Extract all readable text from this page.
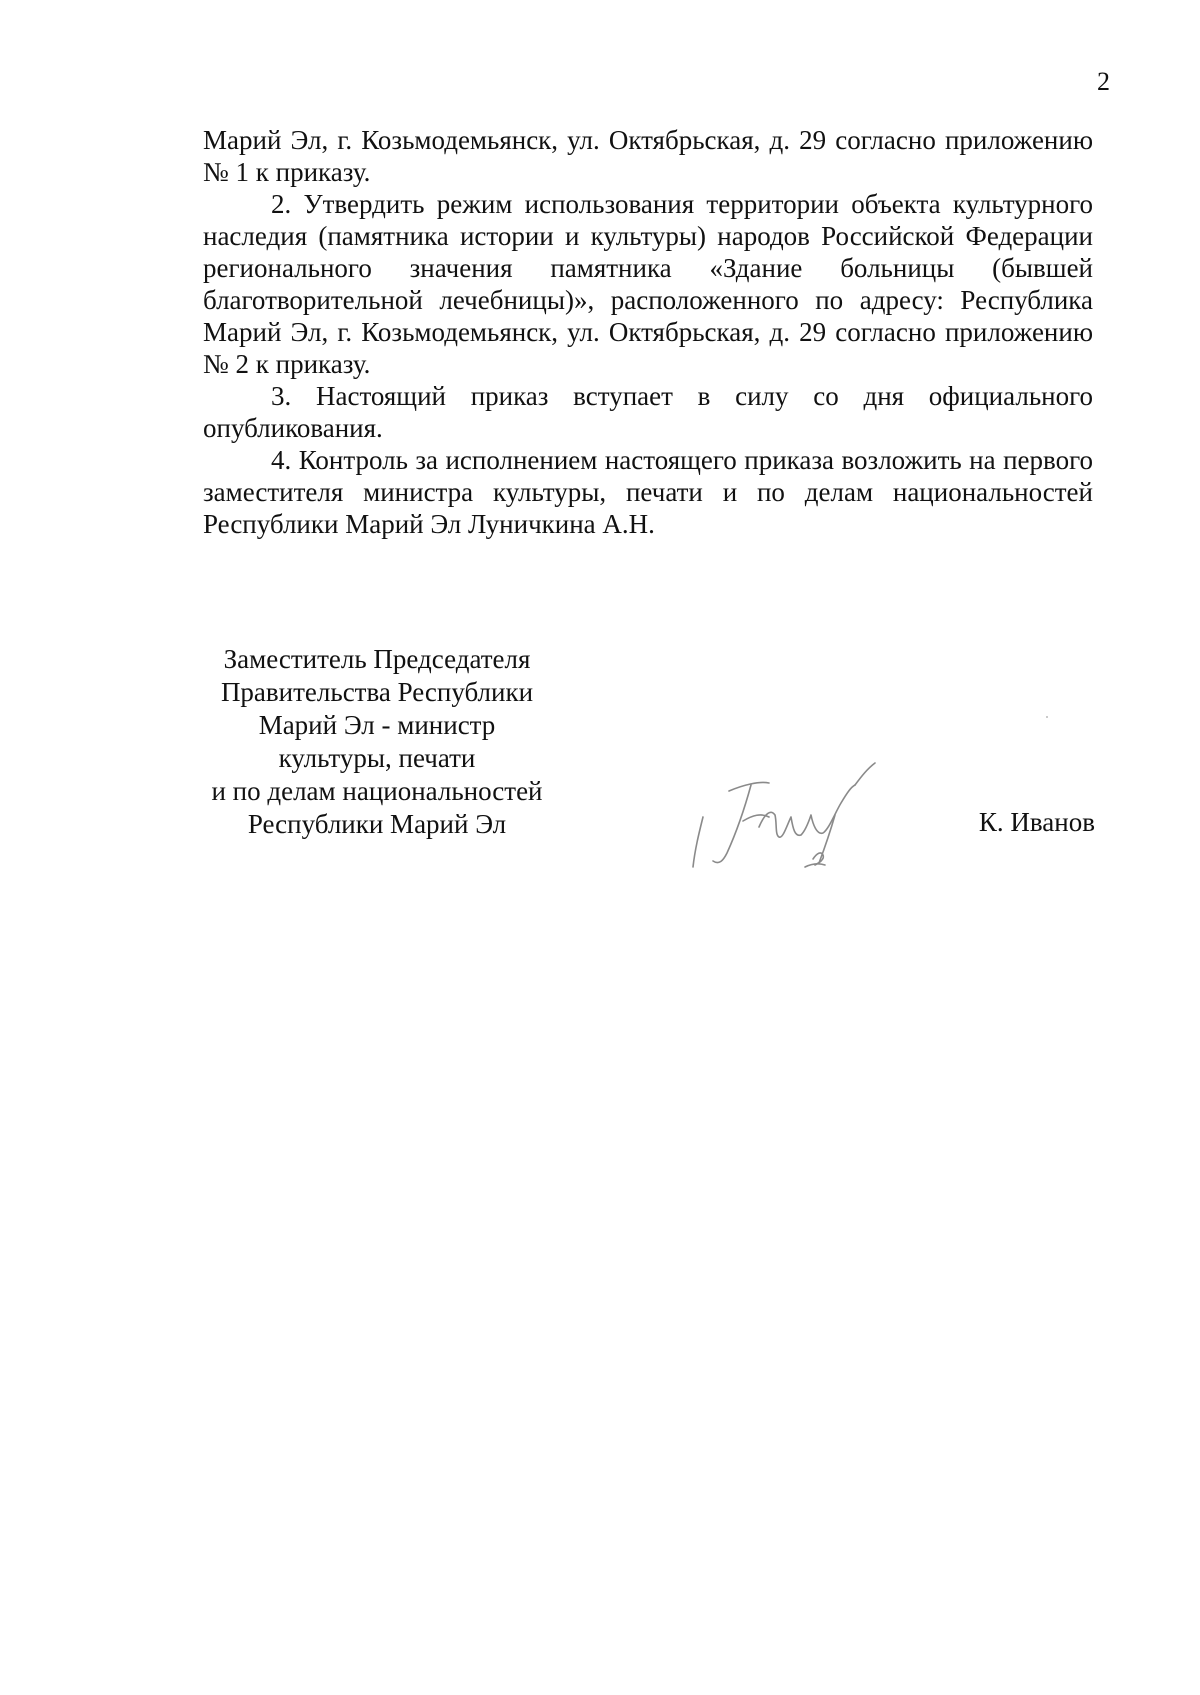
2

Марий Эл, г. Козьмодемьянск, ул. Октябрьская, д. 29 согласно приложению № 1 к приказу.

2. Утвердить режим использования территории объекта культурного наследия (памятника истории и культуры) народов Российской Федерации регионального значения памятника «Здание больницы (бывшей благотворительной лечебницы)», расположенного по адресу: Республика Марий Эл, г. Козьмодемьянск, ул. Октябрьская, д. 29 согласно приложению № 2 к приказу.

3. Настоящий приказ вступает в силу со дня официального опубликования.

4. Контроль за исполнением настоящего приказа возложить на первого заместителя министра культуры, печати и по делам национальностей Республики Марий Эл Луничкина А.Н.

Заместитель Председателя
Правительства Республики
Марий Эл - министр
культуры, печати
и по делам национальностей
Республики Марий Эл	К. Иванов
